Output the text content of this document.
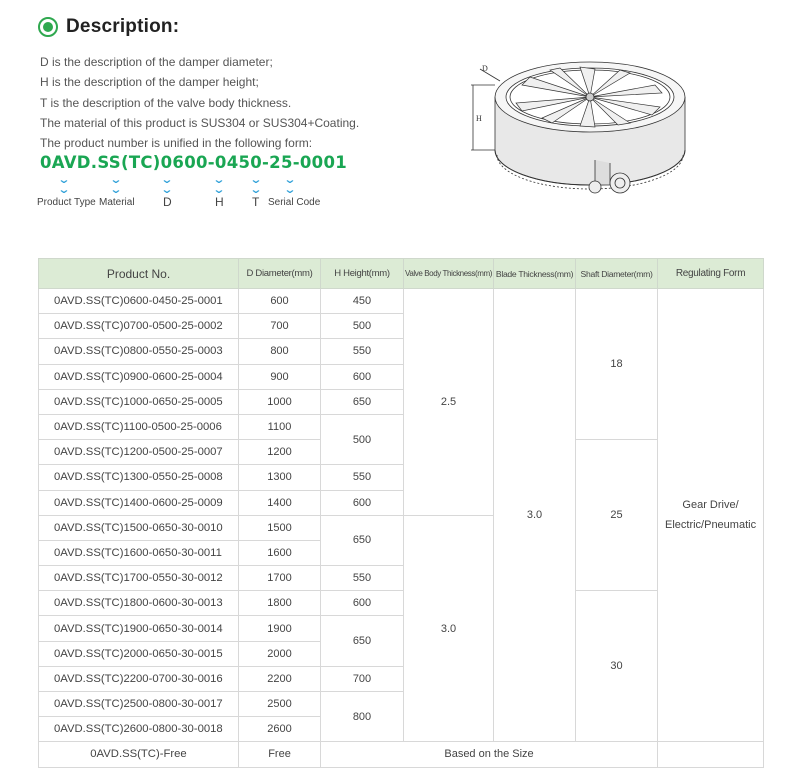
Description:
D is the description of the damper diameter;
H is the description of the damper height;
T is the description of the valve body thickness.
The material of this product is SUS304 or SUS304+Coating.
The product number is unified in the following form:
0AVD.SS(TC)0600-0450-25-0001
⌄
⌄
⌄
⌄
⌄
⌄
⌄
⌄
⌄
⌄
⌄
⌄
Product Type Material D	H T Serial Code
D
H
Product No.	D Diameter(mm)	H Height(mm)	Valve Body Thickness(mm)	Blade Thickness(mm)	Shaft Diameter(mm)	Regulating Form
0AVD.SS(TC)0600-0450-25-0001	600	450	2.5	3.0	18	Gear Drive/
Electric/Pneumatic
0AVD.SS(TC)0700-0500-25-0002	700	500				
0AVD.SS(TC)0800-0550-25-0003	800	550				
0AVD.SS(TC)0900-0600-25-0004	900	600				
0AVD.SS(TC)1000-0650-25-0005	1000	650				
0AVD.SS(TC)1100-0500-25-0006	1100	500				
0AVD.SS(TC)1200-0500-25-0007	1200				25	
0AVD.SS(TC)1300-0550-25-0008	1300	550				
0AVD.SS(TC)1400-0600-25-0009	1400	600				
0AVD.SS(TC)1500-0650-30-0010	1500	650	3.0			
0AVD.SS(TC)1600-0650-30-0011	1600					
0AVD.SS(TC)1700-0550-30-0012	1700	550				
0AVD.SS(TC)1800-0600-30-0013	1800	600			30	
0AVD.SS(TC)1900-0650-30-0014	1900	650				
0AVD.SS(TC)2000-0650-30-0015	2000					
0AVD.SS(TC)2200-0700-30-0016	2200	700				
0AVD.SS(TC)2500-0800-30-0017	2500	800				
0AVD.SS(TC)2600-0800-30-0018	2600					
0AVD.SS(TC)-Free	Free	Based on the Size				
